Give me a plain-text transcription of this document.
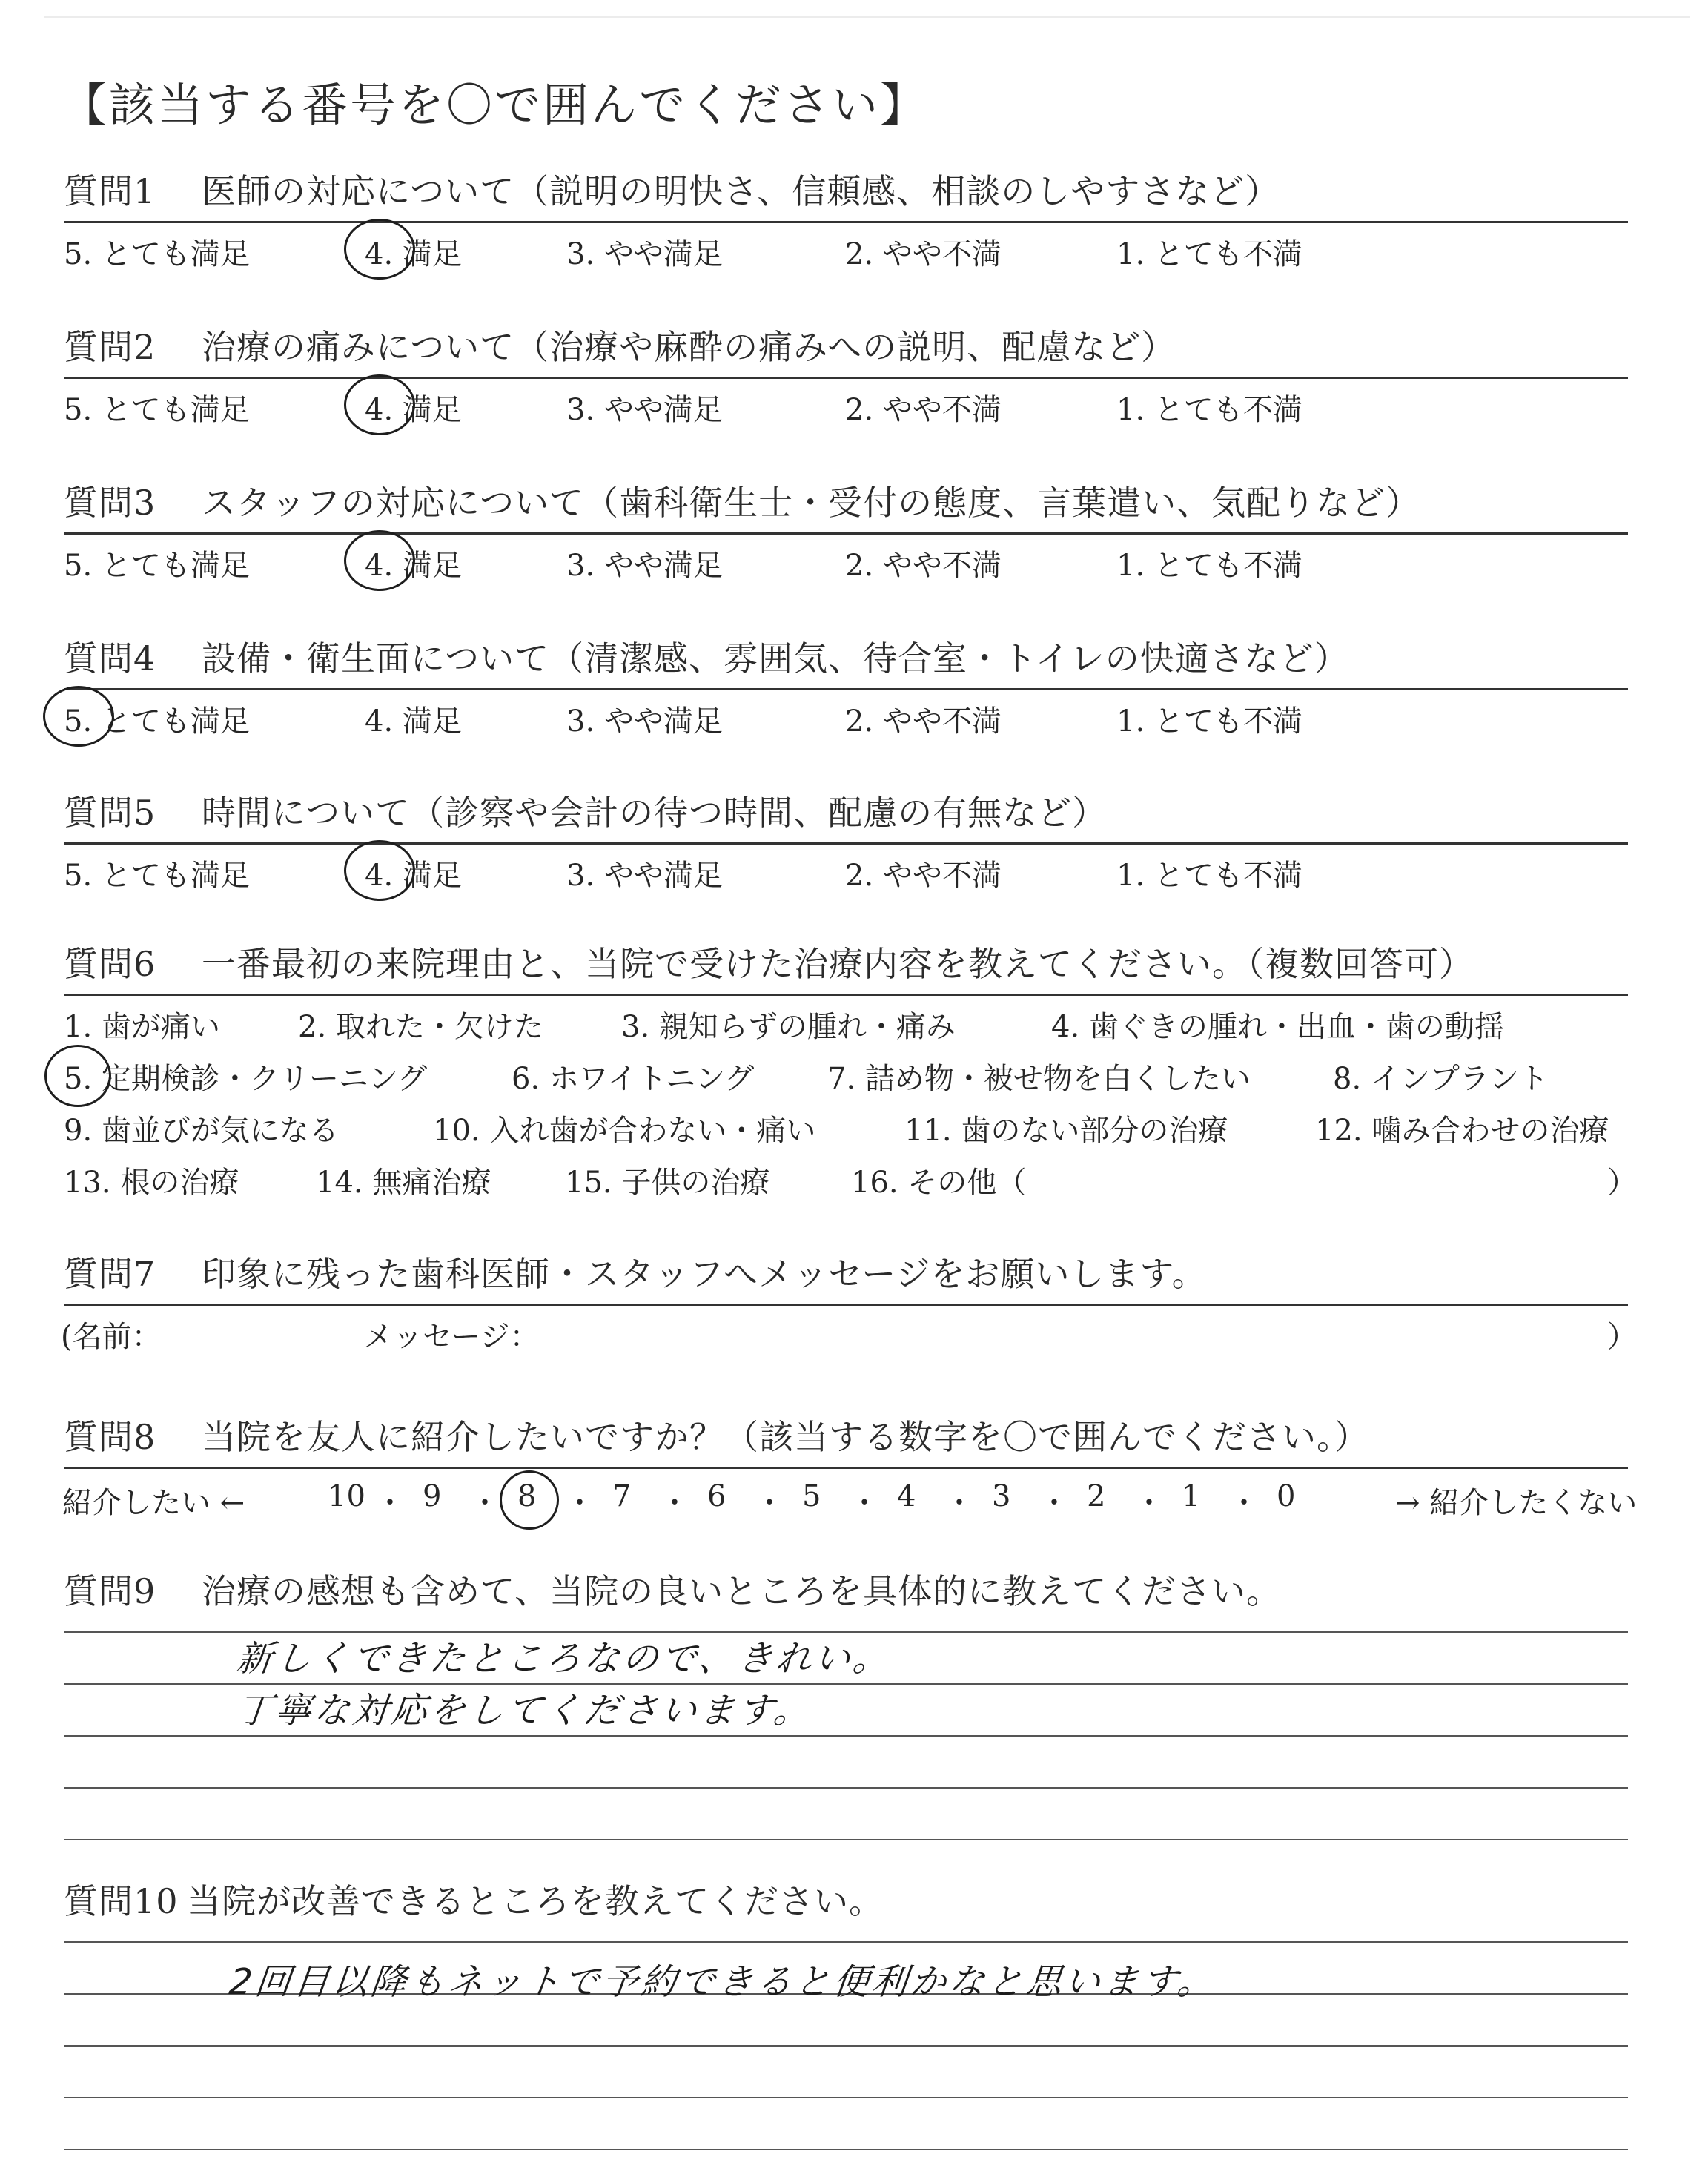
【該当する番号を〇で囲んでください】
質問1 医師の対応について（説明の明快さ、信頼感、相談のしやすさなど）
5. とても満足	4. 満足	3. やや満足	2. やや不満	1. とても不満
質問2 治療の痛みについて（治療や麻酔の痛みへの説明、配慮など）
5. とても満足	4. 満足	3. やや満足	2. やや不満	1. とても不満
質問3 スタッフの対応について（歯科衛生士・受付の態度、言葉遣い、気配りなど）
5. とても満足	4. 満足	3. やや満足	2. やや不満	1. とても不満
質問4 設備・衛生面について（清潔感、雰囲気、待合室・トイレの快適さなど）
5. とても満足	4. 満足	3. やや満足	2. やや不満	1. とても不満
質問5 時間について（診察や会計の待つ時間、配慮の有無など）
5. とても満足	4. 満足	3. やや満足	2. やや不満	1. とても不満
質問6 一番最初の来院理由と、当院で受けた治療内容を教えてください。（複数回答可）
1. 歯が痛い	2. 取れた・欠けた	3. 親知らずの腫れ・痛み	4. 歯ぐきの腫れ・出血・歯の動揺
5. 定期検診・クリーニング	6. ホワイトニング 7. 詰め物・被せ物を白くしたい	8. インプラント
9. 歯並びが気になる	10. 入れ歯が合わない・痛い	11. 歯のない部分の治療	12. 噛み合わせの治療
13. 根の治療	14. 無痛治療 15. 子供の治療	16. その他（	）
質問7 印象に残った歯科医師・スタッフへメッセージをお願いします。
(名前：	メッセージ：	）
質問8 当院を友人に紹介したいですか？（該当する数字を〇で囲んでください。）
紹介したい ←	→ 紹介したくない
10 ・ 9 ・ 8 ・ 7 ・ 6 ・ 5 ・ 4 ・ 3 ・ 2 ・ 1 ・ 0
質問9 治療の感想も含めて、当院の良いところを具体的に教えてください。
新しくできたところなので、きれい。
丁寧な対応をしてくださいます。
質問10 当院が改善できるところを教えてください。
2回目以降もネットで予約できると便利かなと思います。
